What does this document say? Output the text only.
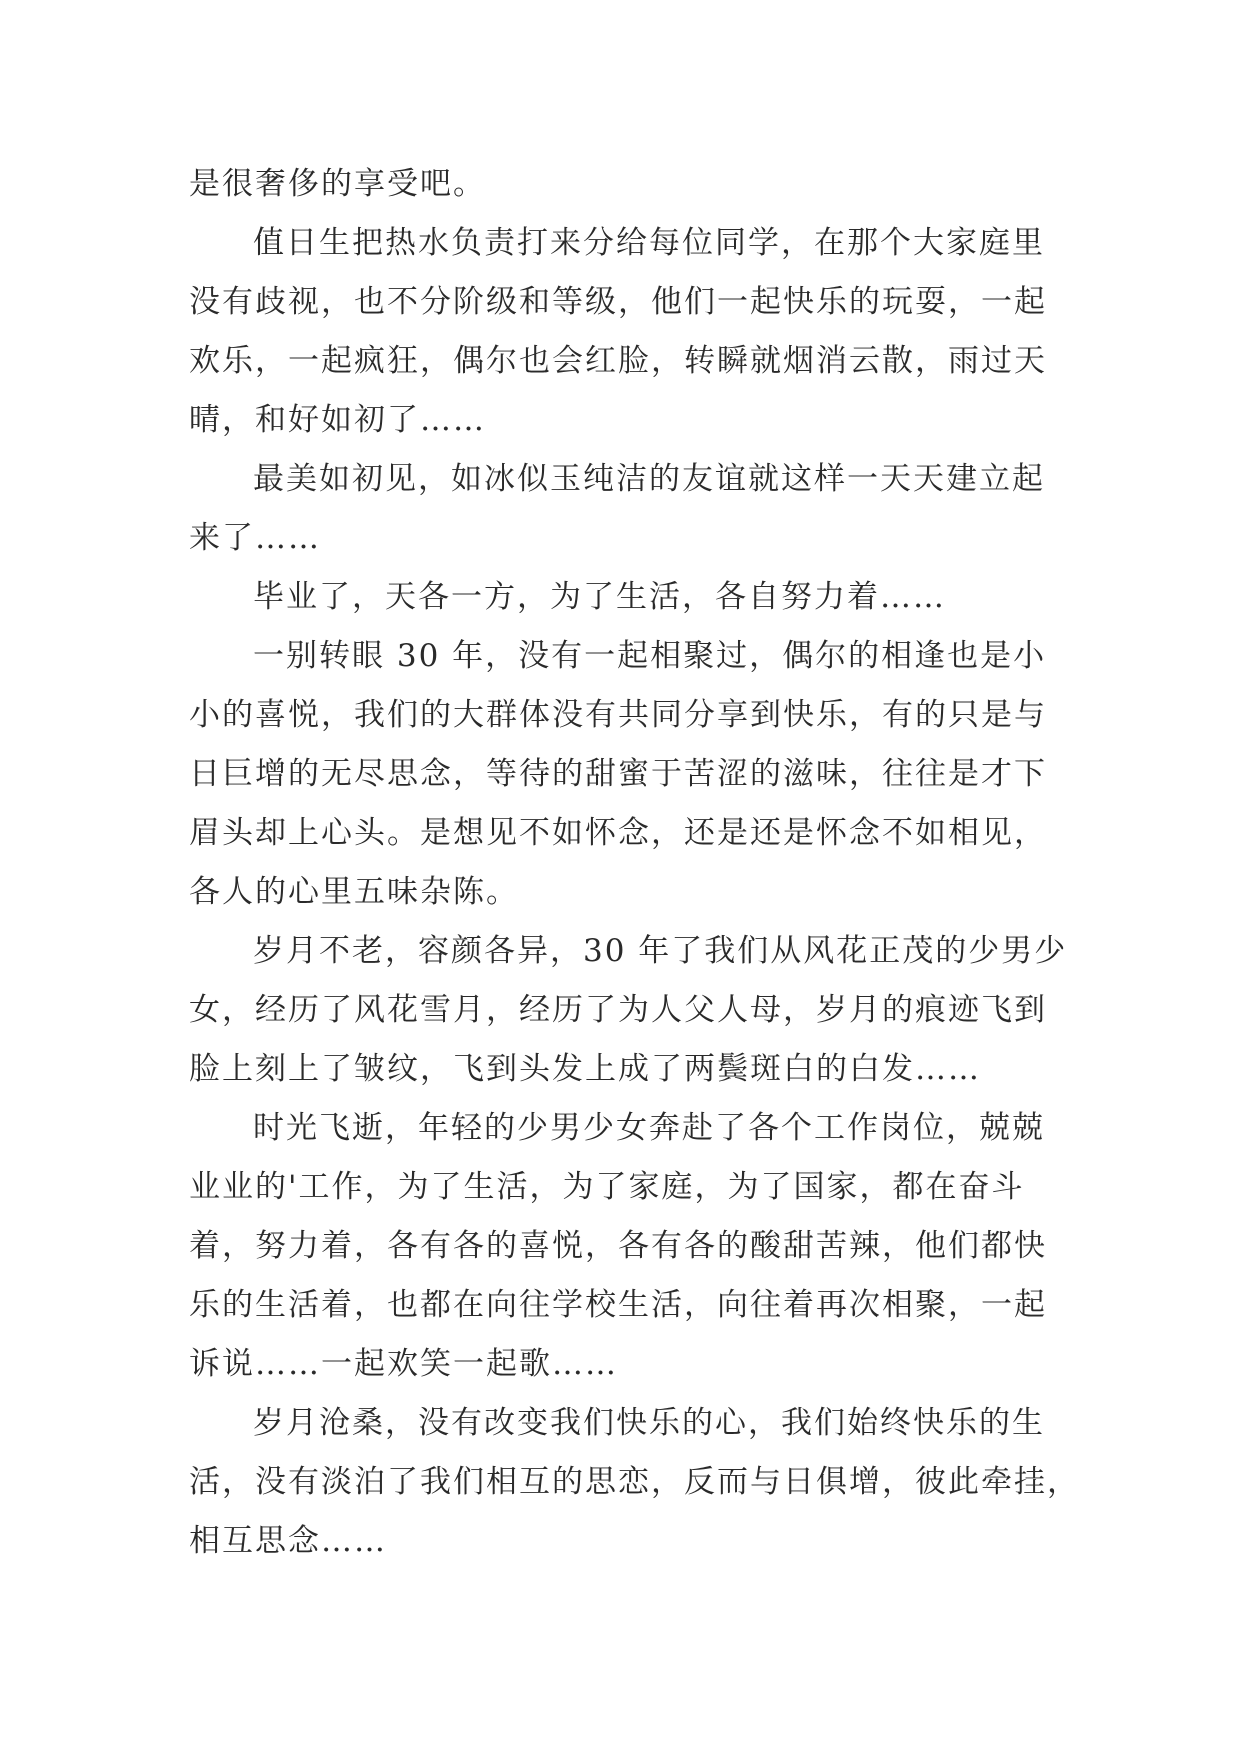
是很奢侈的享受吧。
值日生把热水负责打来分给每位同学，在那个大家庭里
没有歧视，也不分阶级和等级，他们一起快乐的玩耍，一起
欢乐，一起疯狂，偶尔也会红脸，转瞬就烟消云散，雨过天
晴，和好如初了……
最美如初见，如冰似玉纯洁的友谊就这样一天天建立起
来了……
毕业了，天各一方，为了生活，各自努力着……
一别转眼 30 年，没有一起相聚过，偶尔的相逢也是小
小的喜悦，我们的大群体没有共同分享到快乐，有的只是与
日巨增的无尽思念，等待的甜蜜于苦涩的滋味，往往是才下
眉头却上心头。是想见不如怀念，还是还是怀念不如相见，
各人的心里五味杂陈。
岁月不老，容颜各异，30 年了我们从风花正茂的少男少
女，经历了风花雪月，经历了为人父人母，岁月的痕迹飞到
脸上刻上了皱纹，飞到头发上成了两鬓斑白的白发……
时光飞逝，年轻的少男少女奔赴了各个工作岗位，兢兢
业业的'工作，为了生活，为了家庭，为了国家，都在奋斗
着，努力着，各有各的喜悦，各有各的酸甜苦辣，他们都快
乐的生活着，也都在向往学校生活，向往着再次相聚，一起
诉说……一起欢笑一起歌……
岁月沧桑，没有改变我们快乐的心，我们始终快乐的生
活，没有淡泊了我们相互的思恋，反而与日俱增，彼此牵挂，
相互思念……
